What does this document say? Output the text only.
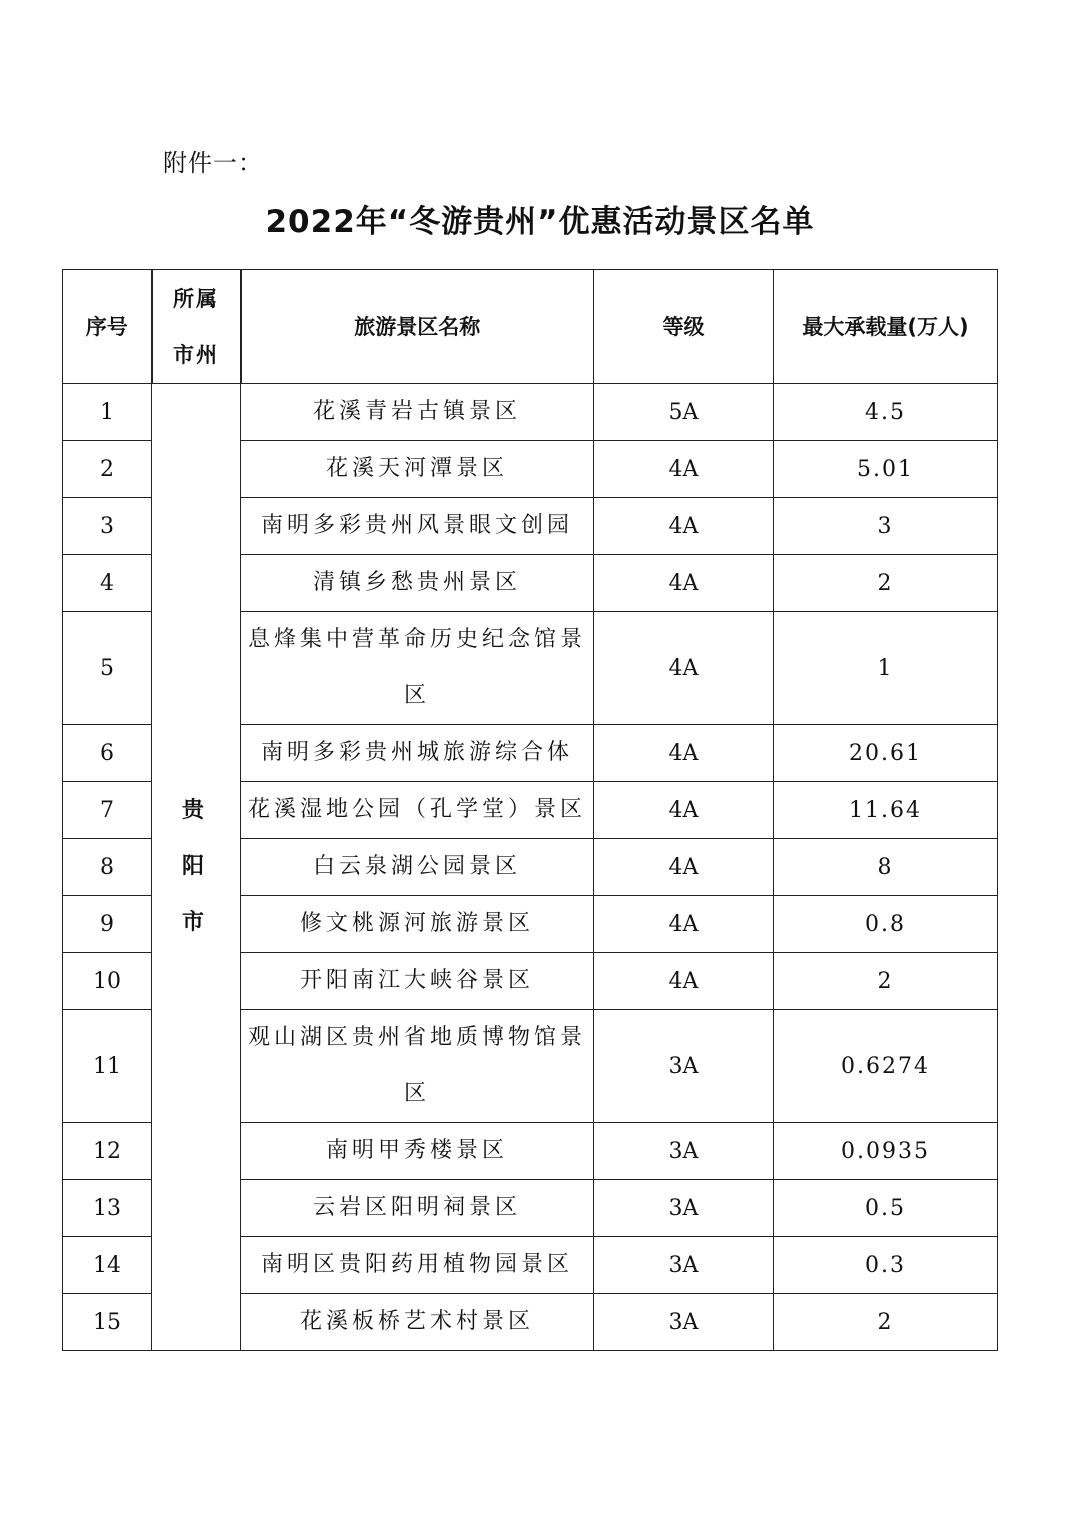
附件一：
2022年“冬游贵州”优惠活动景区名单
序号	所属市州	旅游景区名称	等级	最大承载量(万人)
1	贵阳市	花溪青岩古镇景区	5A	4.5
2		花溪天河潭景区	4A	5.01
3		南明多彩贵州风景眼文创园	4A	3
4		清镇乡愁贵州景区	4A	2
5		息烽集中营革命历史纪念馆景区	4A	1
6		南明多彩贵州城旅游综合体	4A	20.61
7		花溪湿地公园（孔学堂）景区	4A	11.64
8		白云泉湖公园景区	4A	8
9		修文桃源河旅游景区	4A	0.8
10		开阳南江大峡谷景区	4A	2
11		观山湖区贵州省地质博物馆景区	3A	0.6274
12		南明甲秀楼景区	3A	0.0935
13		云岩区阳明祠景区	3A	0.5
14		南明区贵阳药用植物园景区	3A	0.3
15		花溪板桥艺术村景区	3A	2
